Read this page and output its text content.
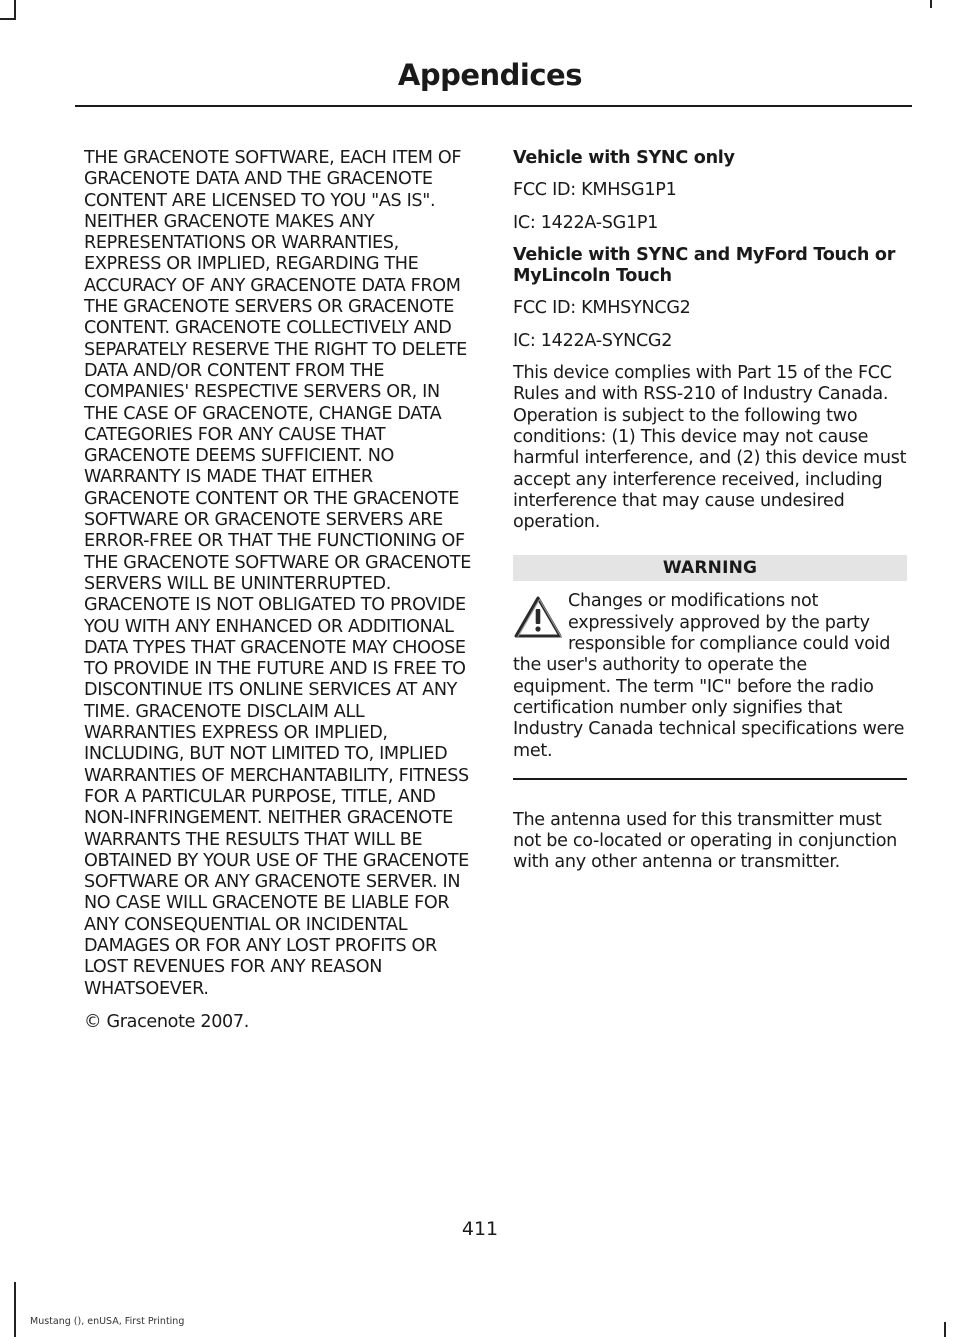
Appendices

THE GRACENOTE SOFTWARE, EACH ITEM OF GRACENOTE DATA AND THE GRACENOTE CONTENT ARE LICENSED TO YOU "AS IS". NEITHER GRACENOTE MAKES ANY REPRESENTATIONS OR WARRANTIES, EXPRESS OR IMPLIED, REGARDING THE ACCURACY OF ANY GRACENOTE DATA FROM THE GRACENOTE SERVERS OR GRACENOTE CONTENT. GRACENOTE COLLECTIVELY AND SEPARATELY RESERVE THE RIGHT TO DELETE DATA AND/OR CONTENT FROM THE COMPANIES' RESPECTIVE SERVERS OR, IN THE CASE OF GRACENOTE, CHANGE DATA CATEGORIES FOR ANY CAUSE THAT GRACENOTE DEEMS SUFFICIENT. NO WARRANTY IS MADE THAT EITHER GRACENOTE CONTENT OR THE GRACENOTE SOFTWARE OR GRACENOTE SERVERS ARE ERROR-FREE OR THAT THE FUNCTIONING OF THE GRACENOTE SOFTWARE OR GRACENOTE SERVERS WILL BE UNINTERRUPTED. GRACENOTE IS NOT OBLIGATED TO PROVIDE YOU WITH ANY ENHANCED OR ADDITIONAL DATA TYPES THAT GRACENOTE MAY CHOOSE TO PROVIDE IN THE FUTURE AND IS FREE TO DISCONTINUE ITS ONLINE SERVICES AT ANY TIME. GRACENOTE DISCLAIM ALL WARRANTIES EXPRESS OR IMPLIED, INCLUDING, BUT NOT LIMITED TO, IMPLIED WARRANTIES OF MERCHANTABILITY, FITNESS FOR A PARTICULAR PURPOSE, TITLE, AND NON-INFRINGEMENT. NEITHER GRACENOTE WARRANTS THE RESULTS THAT WILL BE OBTAINED BY YOUR USE OF THE GRACENOTE SOFTWARE OR ANY GRACENOTE SERVER. IN NO CASE WILL GRACENOTE BE LIABLE FOR ANY CONSEQUENTIAL OR INCIDENTAL DAMAGES OR FOR ANY LOST PROFITS OR LOST REVENUES FOR ANY REASON WHATSOEVER.

© Gracenote 2007.

Vehicle with SYNC only

FCC ID: KMHSG1P1

IC: 1422A-SG1P1

Vehicle with SYNC and MyFord Touch or MyLincoln Touch

FCC ID: KMHSYNCG2

IC: 1422A-SYNCG2

This device complies with Part 15 of the FCC Rules and with RSS-210 of Industry Canada. Operation is subject to the following two conditions: (1) This device may not cause harmful interference, and (2) this device must accept any interference received, including interference that may cause undesired operation.

WARNING

Changes or modifications not expressively approved by the party responsible for compliance could void the user's authority to operate the equipment. The term "IC" before the radio certification number only signifies that Industry Canada technical specifications were met.

The antenna used for this transmitter must not be co-located or operating in conjunction with any other antenna or transmitter.

411
Mustang (), enUSA, First Printing
